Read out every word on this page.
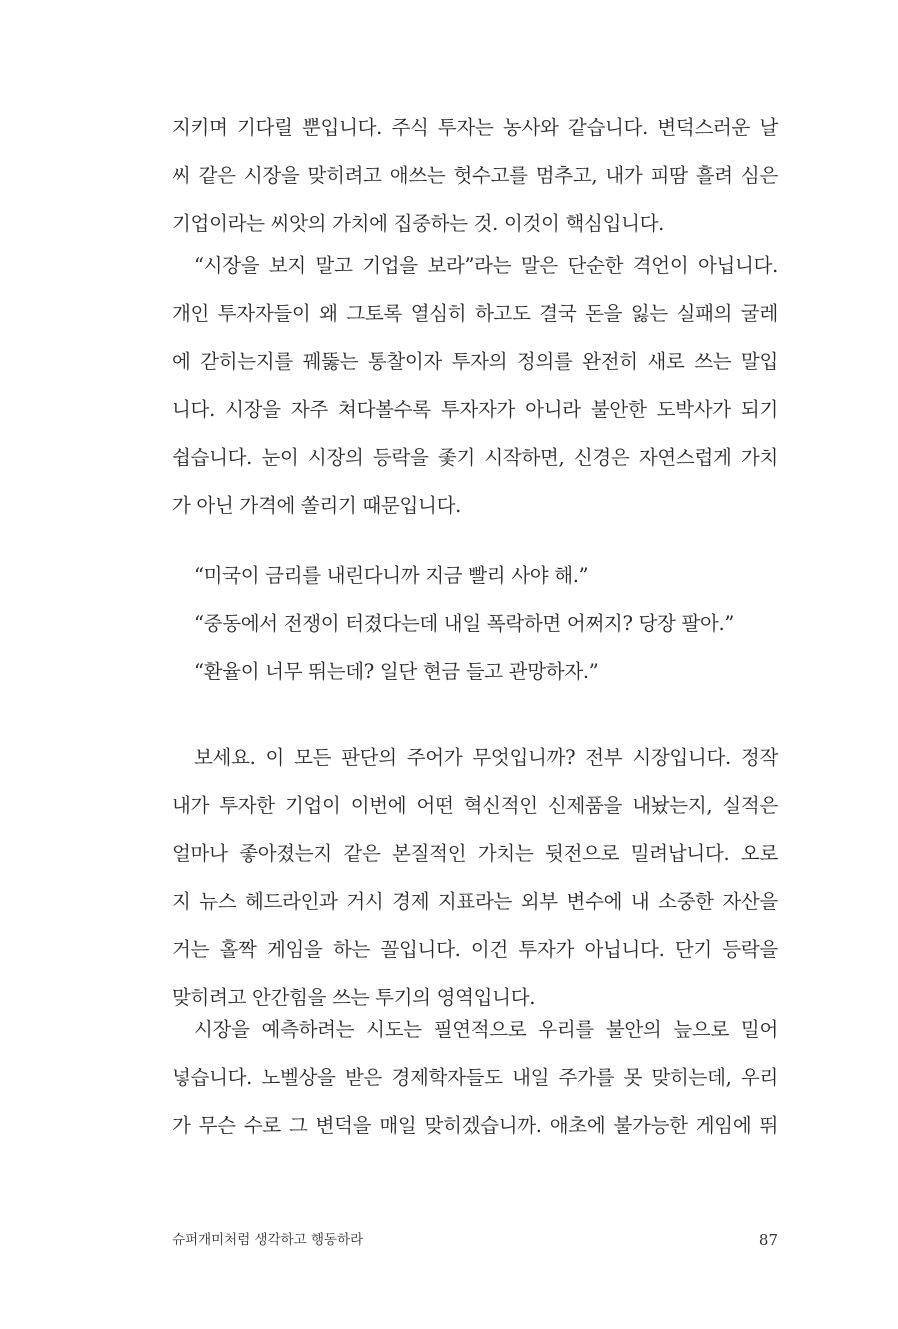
지키며 기다릴 뿐입니다. 주식 투자는 농사와 같습니다. 변덕스러운 날
씨 같은 시장을 맞히려고 애쓰는 헛수고를 멈추고, 내가 피땀 흘려 심은
기업이라는 씨앗의 가치에 집중하는 것. 이것이 핵심입니다.
“시장을 보지 말고 기업을 보라”라는 말은 단순한 격언이 아닙니다.
개인 투자자들이 왜 그토록 열심히 하고도 결국 돈을 잃는 실패의 굴레
에 갇히는지를 꿰뚫는 통찰이자 투자의 정의를 완전히 새로 쓰는 말입
니다. 시장을 자주 쳐다볼수록 투자자가 아니라 불안한 도박사가 되기
쉽습니다. 눈이 시장의 등락을 좇기 시작하면, 신경은 자연스럽게 가치
가 아닌 가격에 쏠리기 때문입니다.
“미국이 금리를 내린다니까 지금 빨리 사야 해.”
“중동에서 전쟁이 터졌다는데 내일 폭락하면 어쩌지? 당장 팔아.”
“환율이 너무 뛰는데? 일단 현금 들고 관망하자.”
보세요. 이 모든 판단의 주어가 무엇입니까? 전부 시장입니다. 정작
내가 투자한 기업이 이번에 어떤 혁신적인 신제품을 내놨는지, 실적은
얼마나 좋아졌는지 같은 본질적인 가치는 뒷전으로 밀려납니다. 오로
지 뉴스 헤드라인과 거시 경제 지표라는 외부 변수에 내 소중한 자산을
거는 홀짝 게임을 하는 꼴입니다. 이건 투자가 아닙니다. 단기 등락을
맞히려고 안간힘을 쓰는 투기의 영역입니다.
시장을 예측하려는 시도는 필연적으로 우리를 불안의 늪으로 밀어
넣습니다. 노벨상을 받은 경제학자들도 내일 주가를 못 맞히는데, 우리
가 무슨 수로 그 변덕을 매일 맞히겠습니까. 애초에 불가능한 게임에 뛰
슈퍼개미처럼 생각하고 행동하라	87
